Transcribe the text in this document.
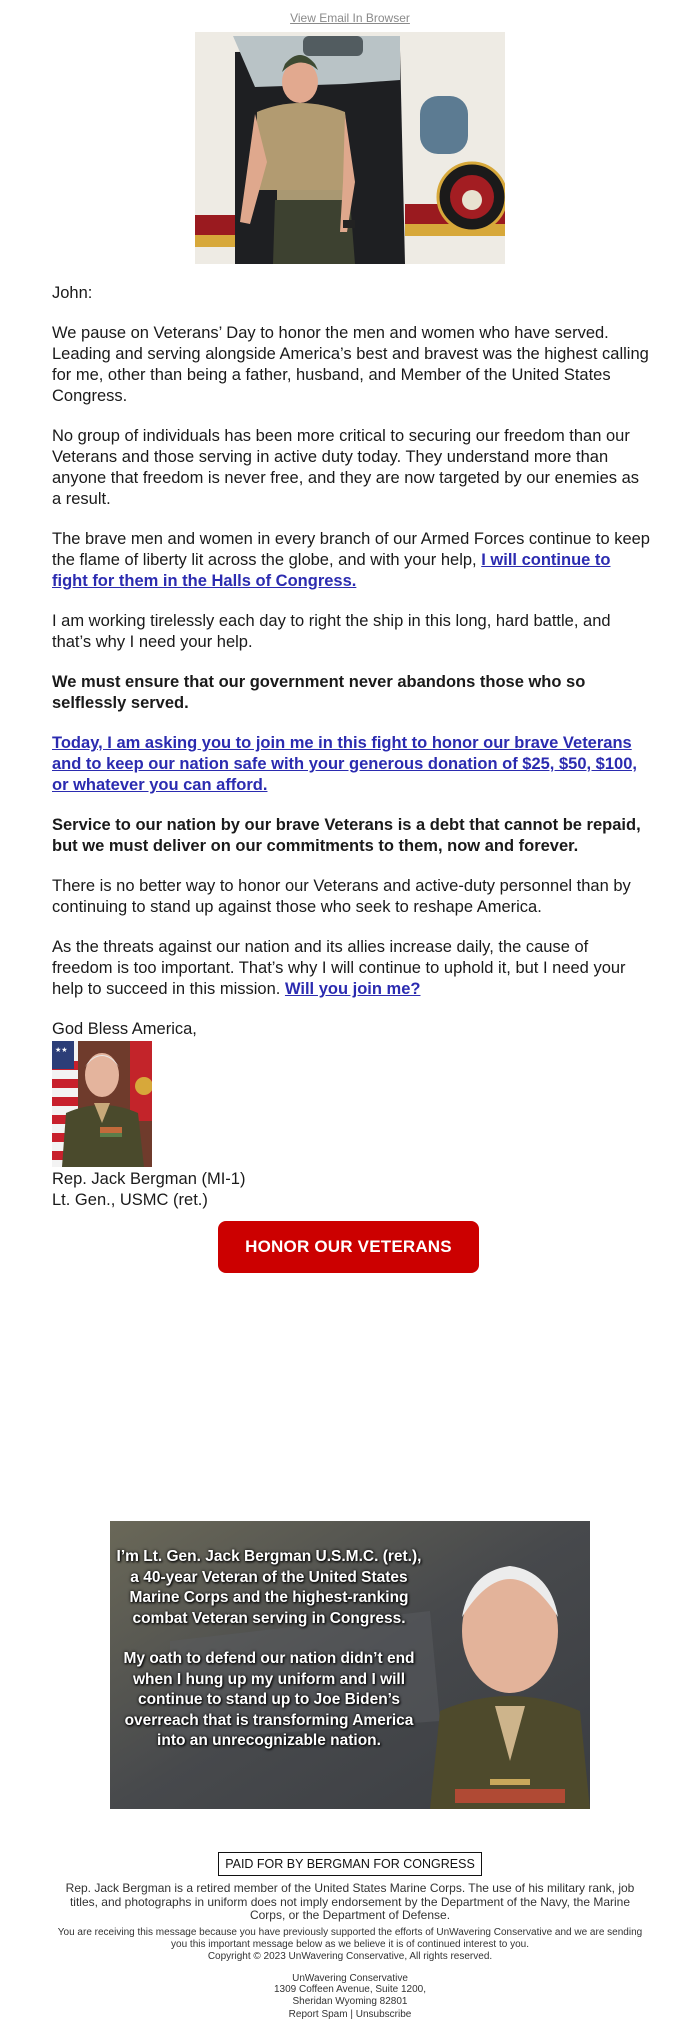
View Email In Browser

John:

We pause on Veterans’ Day to honor the men and women who have served. Leading and serving alongside America’s best and bravest was the highest calling for me, other than being a father, husband, and Member of the United States Congress.

No group of individuals has been more critical to securing our freedom than our Veterans and those serving in active duty today. They understand more than anyone that freedom is never free, and they are now targeted by our enemies as a result.

The brave men and women in every branch of our Armed Forces continue to keep the flame of liberty lit across the globe, and with your help, I will continue to fight for them in the Halls of Congress.

I am working tirelessly each day to right the ship in this long, hard battle, and that’s why I need your help.

We must ensure that our government never abandons those who so selflessly served.

Today, I am asking you to join me in this fight to honor our brave Veterans and to keep our nation safe with your generous donation of $25, $50, $100, or whatever you can afford.

Service to our nation by our brave Veterans is a debt that cannot be repaid, but we must deliver on our commitments to them, now and forever.

There is no better way to honor our Veterans and active-duty personnel than by continuing to stand up against those who seek to reshape America.

As the threats against our nation and its allies increase daily, the cause of freedom is too important. That’s why I will continue to uphold it, but I need your help to succeed in this mission. Will you join me?

God Bless America,
★★
Rep. Jack Bergman (MI-1)
Lt. Gen., USMC (ret.)
HONOR OUR VETERANS

I’m Lt. Gen. Jack Bergman U.S.M.C. (ret.), a 40-year Veteran of the United States Marine Corps and the highest-ranking combat Veteran serving in Congress.

My oath to defend our nation didn’t end when I hung up my uniform and I will continue to stand up to Joe Biden’s overreach that is transforming America into an unrecognizable nation.

PAID FOR BY BERGMAN FOR CONGRESS
Rep. Jack Bergman is a retired member of the United States Marine Corps. The use of his military rank, job titles, and photographs in uniform does not imply endorsement by the Department of the Navy, the Marine Corps, or the Department of Defense.

You are receiving this message because you have previously supported the efforts of UnWavering Conservative and we are sending you this important message below as we believe it is of continued interest to you.

Copyright © 2023 UnWavering Conservative, All rights reserved.

UnWavering Conservative
1309 Coffeen Avenue, Suite 1200,
Sheridan Wyoming 82801
Report Spam | Unsubscribe
